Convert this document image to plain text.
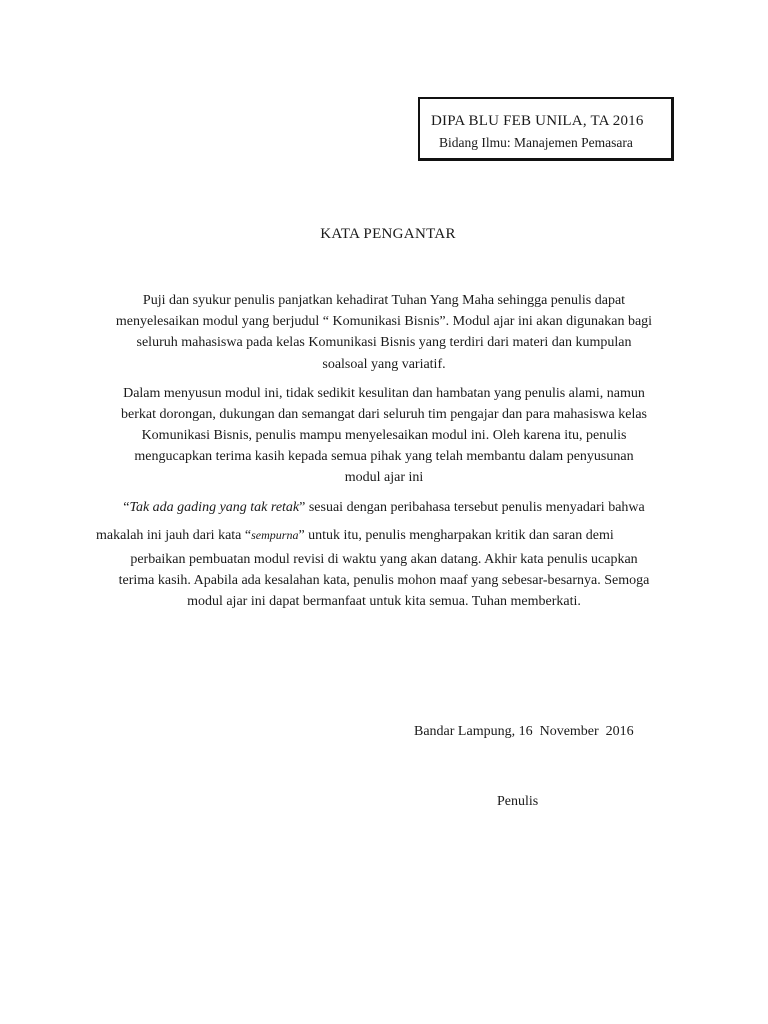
DIPA BLU FEB UNILA, TA 2016
Bidang Ilmu: Manajemen Pemasara
KATA PENGANTAR
Puji dan syukur penulis panjatkan kehadirat Tuhan Yang Maha sehingga penulis dapat
menyelesaikan modul yang berjudul “ Komunikasi Bisnis”. Modul ajar ini akan digunakan bagi
seluruh mahasiswa pada kelas Komunikasi Bisnis yang terdiri dari materi dan kumpulan
soalsoal yang variatif.
Dalam menyusun modul ini, tidak sedikit kesulitan dan hambatan yang penulis alami, namun
berkat dorongan, dukungan dan semangat dari seluruh tim pengajar dan para mahasiswa kelas
Komunikasi Bisnis, penulis mampu menyelesaikan modul ini. Oleh karena itu, penulis
mengucapkan terima kasih kepada semua pihak yang telah membantu dalam penyusunan
modul ajar ini
“Tak ada gading yang tak retak” sesuai dengan peribahasa tersebut penulis menyadari bahwa
makalah ini jauh dari kata “sempurna” untuk itu, penulis mengharpakan kritik dan saran demi
perbaikan pembuatan modul revisi di waktu yang akan datang. Akhir kata penulis ucapkan
terima kasih. Apabila ada kesalahan kata, penulis mohon maaf yang sebesar-besarnya. Semoga
modul ajar ini dapat bermanfaat untuk kita semua. Tuhan memberkati.
Bandar Lampung, 16  November  2016
Penulis
